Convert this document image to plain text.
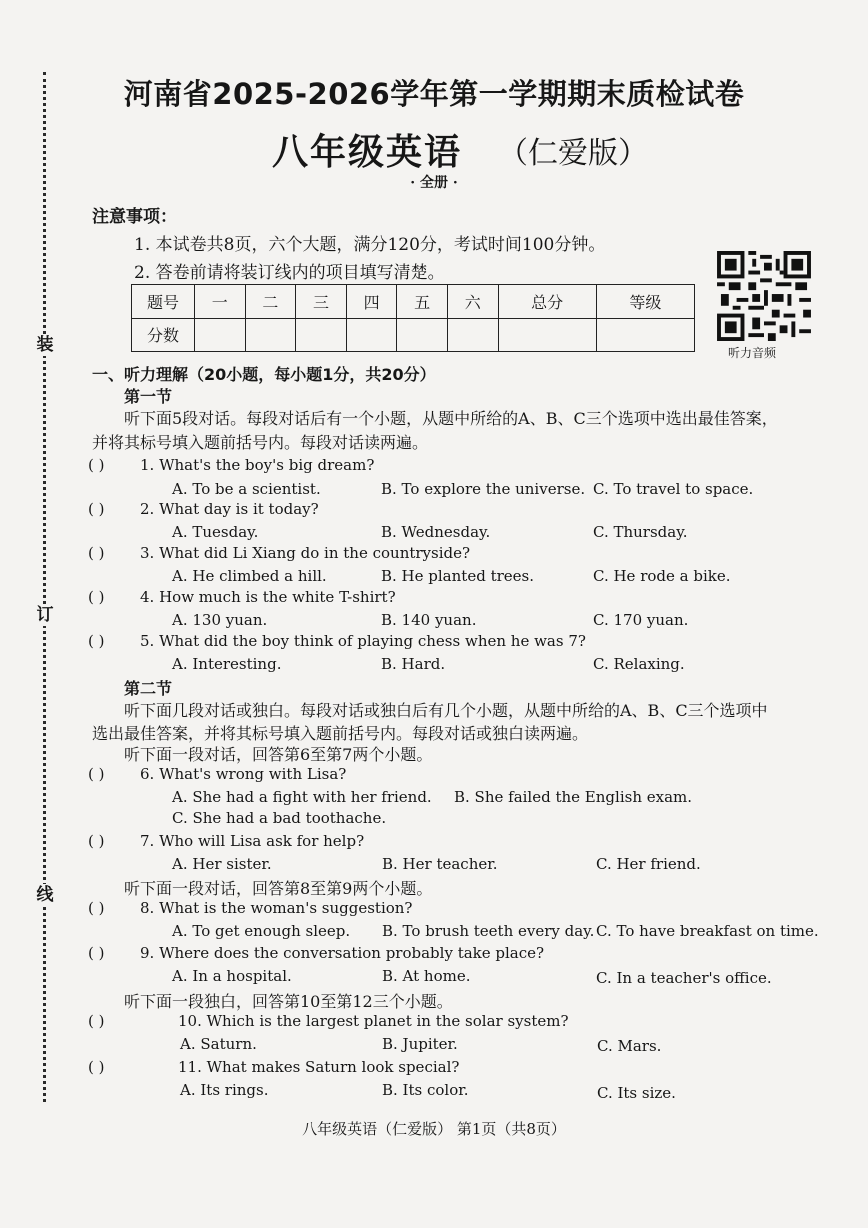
装
订
线
河南省2025-2026学年第一学期期末质检试卷
八年级英语 （仁爱版）
· 全册 ·
注意事项：
1. 本试卷共8页，六个大题，满分120分，考试时间100分钟。
2. 答卷前请将装订线内的项目填写清楚。
题号	一	二	三	四	五	六	总分	等级
分数								
听力音频
一、听力理解（20小题，每小题1分，共20分）
第一节
听下面5段对话。每段对话后有一个小题，从题中所给的A、B、C三个选项中选出最佳答案，
并将其标号填入题前括号内。每段对话读两遍。
( ) 1. What's the boy's big dream?
A. To be a scientist.	B. To explore the universe. C. To travel to space.
( ) 2. What day is it today?
A. Tuesday.	B. Wednesday.	C. Thursday.
( ) 3. What did Li Xiang do in the countryside?
A. He climbed a hill.	B. He planted trees.	C. He rode a bike.
( ) 4. How much is the white T-shirt?
A. 130 yuan.	B. 140 yuan.	C. 170 yuan.
( ) 5. What did the boy think of playing chess when he was 7?
A. Interesting.	B. Hard.	C. Relaxing.
第二节
听下面几段对话或独白。每段对话或独白后有几个小题，从题中所给的A、B、C三个选项中
选出最佳答案，并将其标号填入题前括号内。每段对话或独白读两遍。
听下面一段对话，回答第6至第7两个小题。
( ) 6. What's wrong with Lisa?
A. She had a fight with her friend. B. She failed the English exam.
C. She had a bad toothache.
( ) 7. Who will Lisa ask for help?
A. Her sister.	B. Her teacher.	C. Her friend.
听下面一段对话，回答第8至第9两个小题。
( ) 8. What is the woman's suggestion?
A. To get enough sleep. B. To brush teeth every day. C. To have breakfast on time.
( ) 9. Where does the conversation probably take place?
A. In a hospital.	B. At home.	C. In a teacher's office.
听下面一段独白，回答第10至第12三个小题。
( )	10. Which is the largest planet in the solar system?
A. Saturn.	B. Jupiter.	C. Mars.
( )	11. What makes Saturn look special?
A. Its rings.	B. Its color.	C. Its size.
八年级英语（仁爱版） 第1页（共8页）
